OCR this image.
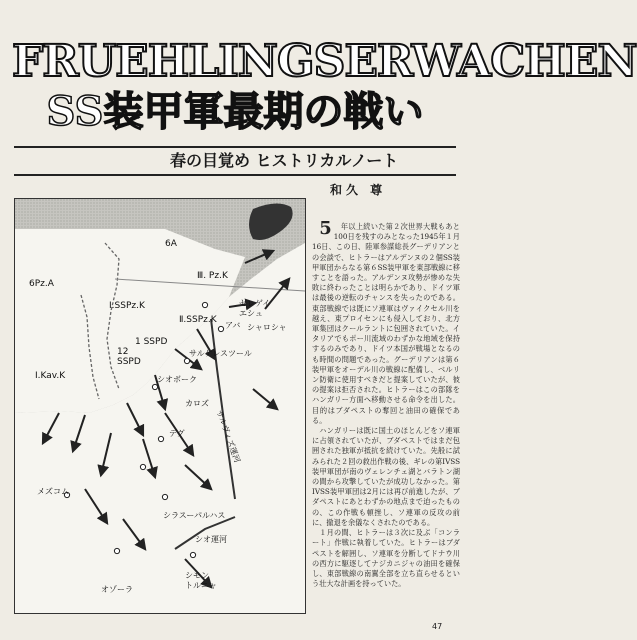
FRUEHLINGSERWACHEN
SS装甲軍最期の戦い
春の目覚め ヒストリカルノート
和久 尊
6A
6Pz.A
Ⅲ. Pz.K
Ⅰ.SSPz.K
Ⅱ.SSPz.K
1 SSPD
12
SSPD
Ⅰ.Kav.K
セレゲイ
エシュ
アバ シャロシャ
シオボーク
サルケレスツール
カロズ
デグ
メズコム
シラスーパルハス
オゾーラ
シモン
トルニャ
シオ運河
サルヴィズ運河

5 年以上続いた第２次世界大戦もあと100日を残すのみとなった1945年１月16日、この日、陸軍参謀総長グーデリアンとの会談で、ヒトラーはアルデンヌの２個SS装甲軍団からなる第６SS装甲軍を東部戦線に移すことを語った。アルデンヌ攻勢が惨めな失敗に終わったことは明らかであり、ドイツ軍は最後の逆転のチャンスを失ったのである。東部戦線では既にソ連軍はヴァイクセル川を越え、東プロイセンにも侵入しており、北方軍集団はクールラントに包囲されていた。イタリアでもポー川流域のわずかな地域を保持するのみであり、ドイツ本国が戦場となるのも時間の問題であった。グーデリアンは第６装甲軍をオーデル川の戦線に配備し、ベルリン防衛に使用すべきだと提案していたが、彼の提案は拒否された。ヒトラーはこの部隊をハンガリー方面へ移動させる命令を出した。目的はブダペストの奪回と油田の確保である。

ハンガリーは既に国土のほとんどをソ連軍に占領されていたが、ブダペストではまだ包囲された独軍が抵抗を続けていた。先般に試みられた２回の救出作戦の後、ギレの第IVSS装甲軍団が南のヴェレンチェ湖とバラトン湖の間から攻撃していたが成功しなかった。第IVSS装甲軍団は2月には再び前進したが、ブダペストにあとわずかの地点まで迫ったものの、この作戦も頓挫し、ソ連軍の反攻の前に、撤退を余儀なくされたのである。

１月の間、ヒトラーは３次に及ぶ「コンラート」作戦に執着していた。ヒトラーはブダペストを解囲し、ソ連軍を分断してドナウ川の西方に駆逐してナジカニジャの油田を確保し、東部戦線の南翼全部を立ち直らせるという壮大な計画を持っていた。

47
